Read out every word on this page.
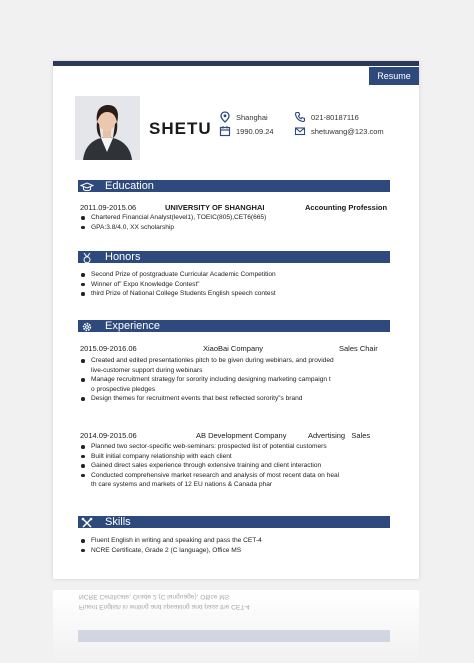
Resume
SHETU
Shanghai
1990.09.24
021-80187116
shetuwang@123.com
Education
2011.09-2015.06	UNIVERSITY OF SHANGHAI	Accounting Profession
Chartered Financial Analyst(level1), TOEIC(805),CET6(665)
GPA:3.8/4.0, XX scholarship
Honors
Second Prize of postgraduate Curricular Academic Competition
Winner of” Expo Knowledge Contest”
third Prize of National College Students English speech contest
Experience
2015.09-2016.06	XiaoBai Company	Sales Chair
Created and edited presentationles pitch to be given during webinars, and provided
live-customer support during webinars
Manage recruitment strategy for sorority including designing marketing campaign t
o prospective pledges
Design themes for recruitment events that best reflected sorority”s brand
2014.09-2015.06	AB Development Company	Advertising   Sales
Planned two sector-specific web-seminars: prospected list of potential customers
Built initial company relationship with each client
Gained direct sales experience through extensive training and client interaction
Conducted comprehensive market research and analysis of most recent data on heal
th care systems and markets of 12 EU nations & Canada phar
Skills
Fluent English in writing and speaking and pass the CET-4
NCRE Certificate, Grade 2 (C language), Office MS
Fluent English in writing and speaking and pass the CET-4
NCRE Certificate, Grade 2 (C language), Office MS
